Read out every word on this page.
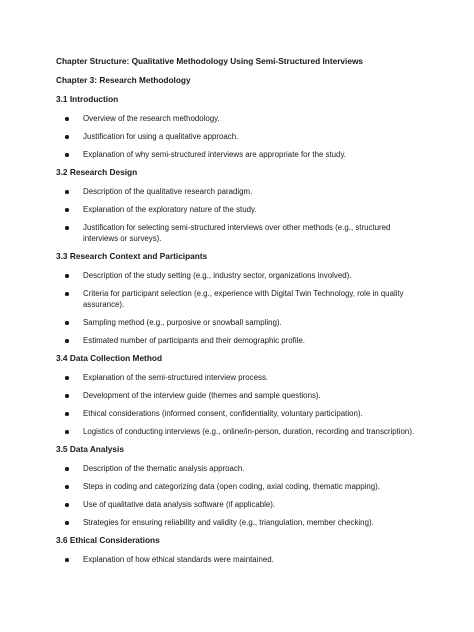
Chapter Structure: Qualitative Methodology Using Semi-Structured Interviews

Chapter 3: Research Methodology

3.1 Introduction

Overview of the research methodology.
Justification for using a qualitative approach.
Explanation of why semi-structured interviews are appropriate for the study.

3.2 Research Design

Description of the qualitative research paradigm.
Explanation of the exploratory nature of the study.
Justification for selecting semi-structured interviews over other methods (e.g., structured interviews or surveys).

3.3 Research Context and Participants

Description of the study setting (e.g., industry sector, organizations involved).
Criteria for participant selection (e.g., experience with Digital Twin Technology, role in quality assurance).
Sampling method (e.g., purposive or snowball sampling).
Estimated number of participants and their demographic profile.

3.4 Data Collection Method

Explanation of the semi-structured interview process.
Development of the interview guide (themes and sample questions).
Ethical considerations (informed consent, confidentiality, voluntary participation).
Logistics of conducting interviews (e.g., online/in-person, duration, recording and transcription).

3.5 Data Analysis

Description of the thematic analysis approach.
Steps in coding and categorizing data (open coding, axial coding, thematic mapping).
Use of qualitative data analysis software (if applicable).
Strategies for ensuring reliability and validity (e.g., triangulation, member checking).

3.6 Ethical Considerations

Explanation of how ethical standards were maintained.
